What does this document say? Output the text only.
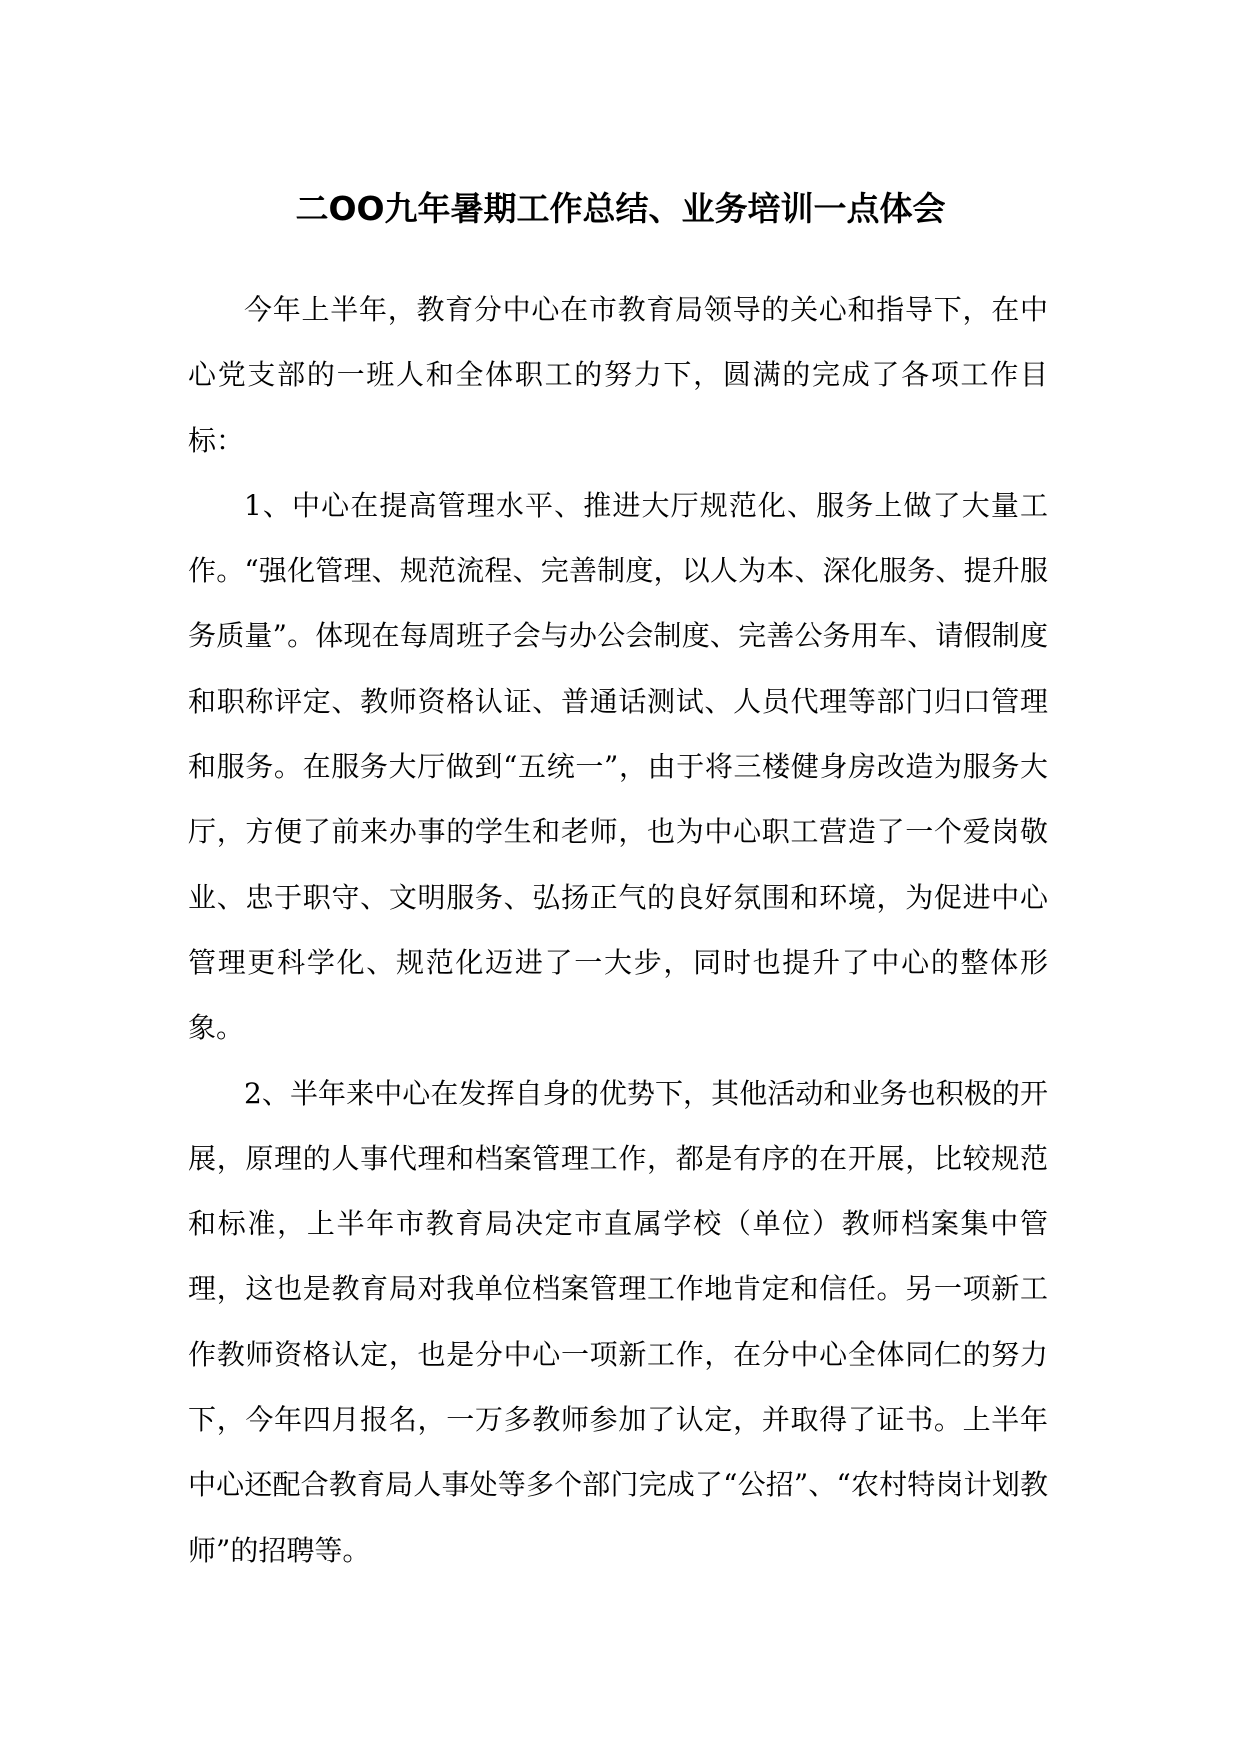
二OO九年暑期工作总结、业务培训一点体会

今年上半年，教育分中心在市教育局领导的关心和指导下，在中心党支部的一班人和全体职工的努力下，圆满的完成了各项工作目标：

1、中心在提高管理水平、推进大厅规范化、服务上做了大量工作。“强化管理、规范流程、完善制度，以人为本、深化服务、提升服务质量”。体现在每周班子会与办公会制度、完善公务用车、请假制度和职称评定、教师资格认证、普通话测试、人员代理等部门归口管理和服务。在服务大厅做到“五统一”，由于将三楼健身房改造为服务大厅，方便了前来办事的学生和老师，也为中心职工营造了一个爱岗敬业、忠于职守、文明服务、弘扬正气的良好氛围和环境，为促进中心管理更科学化、规范化迈进了一大步，同时也提升了中心的整体形象。

2、半年来中心在发挥自身的优势下，其他活动和业务也积极的开展，原理的人事代理和档案管理工作，都是有序的在开展，比较规范和标准，上半年市教育局决定市直属学校（单位）教师档案集中管理，这也是教育局对我单位档案管理工作地肯定和信任。另一项新工作教师资格认定，也是分中心一项新工作，在分中心全体同仁的努力下，今年四月报名，一万多教师参加了认定，并取得了证书。上半年中心还配合教育局人事处等多个部门完成了“公招”、“农村特岗计划教师”的招聘等。
